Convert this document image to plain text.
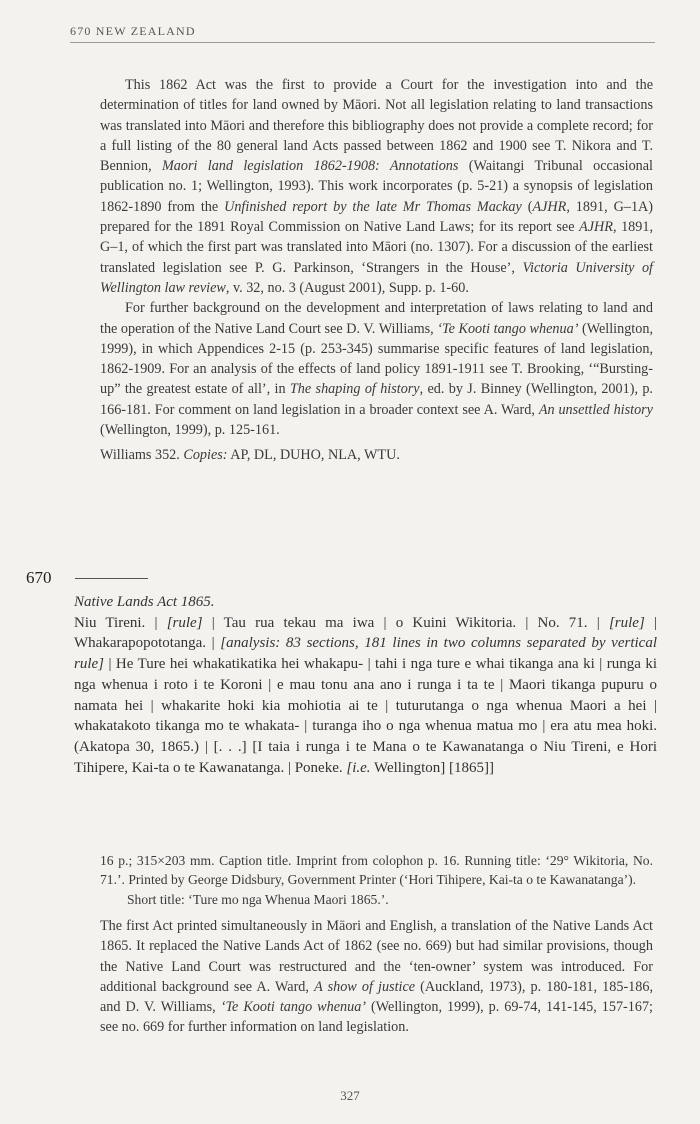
670 NEW ZEALAND

This 1862 Act was the first to provide a Court for the investigation into and the determination of titles for land owned by Māori. Not all legislation relating to land transactions was translated into Māori and therefore this bibliography does not provide a complete record; for a full listing of the 80 general land Acts passed between 1862 and 1900 see T. Nikora and T. Bennion, Maori land legislation 1862-1908: Annotations (Waitangi Tribunal occasional publication no. 1; Wellington, 1993). This work incorporates (p. 5-21) a synopsis of legislation 1862-1890 from the Unfinished report by the late Mr Thomas Mackay (AJHR, 1891, G–1A) prepared for the 1891 Royal Commission on Native Land Laws; for its report see AJHR, 1891, G–1, of which the first part was translated into Māori (no. 1307). For a discussion of the earliest translated legislation see P. G. Parkinson, ‘Strangers in the House’, Victoria University of Wellington law review, v. 32, no. 3 (August 2001), Supp. p. 1-60.

For further background on the development and interpretation of laws relating to land and the operation of the Native Land Court see D. V. Williams, ‘Te Kooti tango whenua’ (Wellington, 1999), in which Appendices 2-15 (p. 253-345) summarise specific features of land legislation, 1862-1909. For an analysis of the effects of land policy 1891-1911 see T. Brooking, ‘“Bursting-up” the greatest estate of all’, in The shaping of history, ed. by J. Binney (Wellington, 2001), p. 166-181. For comment on land legislation in a broader context see A. Ward, An unsettled history (Wellington, 1999), p. 125-161.

Williams 352. Copies: AP, DL, DUHO, NLA, WTU.

670

Native Lands Act 1865.

Niu Tireni. | [rule] | Tau rua tekau ma iwa | o Kuini Wikitoria. | No. 71. | [rule] | Whakarapopototanga. | [analysis: 83 sections, 181 lines in two columns separated by vertical rule] | He Ture hei whakatikatika hei whakapu- | tahi i nga ture e whai tikanga ana ki | runga ki nga whenua i roto i te Koroni | e mau tonu ana ano i runga i ta te | Maori tikanga pupuru o namata hei | whakarite hoki kia mohiotia ai te | tuturutanga o nga whenua Maori a hei | whakatakoto tikanga mo te whakata- | turanga iho o nga whenua matua mo | era atu mea hoki. (Akatopa 30, 1865.) | [. . .] [I taia i runga i te Mana o te Kawanatanga o Niu Tireni, e Hori Tihipere, Kai-ta o te Kawanatanga. | Poneke. [i.e. Wellington] [1865]]

16 p.; 315×203 mm. Caption title. Imprint from colophon p. 16. Running title: ‘29° Wikitoria, No. 71.’. Printed by George Didsbury, Government Printer (‘Hori Tihipere, Kai-ta o te Kawanatanga’).

Short title: ‘Ture mo nga Whenua Maori 1865.’.

The first Act printed simultaneously in Māori and English, a translation of the Native Lands Act 1865. It replaced the Native Lands Act of 1862 (see no. 669) but had similar provisions, though the Native Land Court was restructured and the ‘ten-owner’ system was introduced. For additional background see A. Ward, A show of justice (Auckland, 1973), p. 180-181, 185-186, and D. V. Williams, ‘Te Kooti tango whenua’ (Wellington, 1999), p. 69-74, 141-145, 157-167; see no. 669 for further information on land legislation.

327
